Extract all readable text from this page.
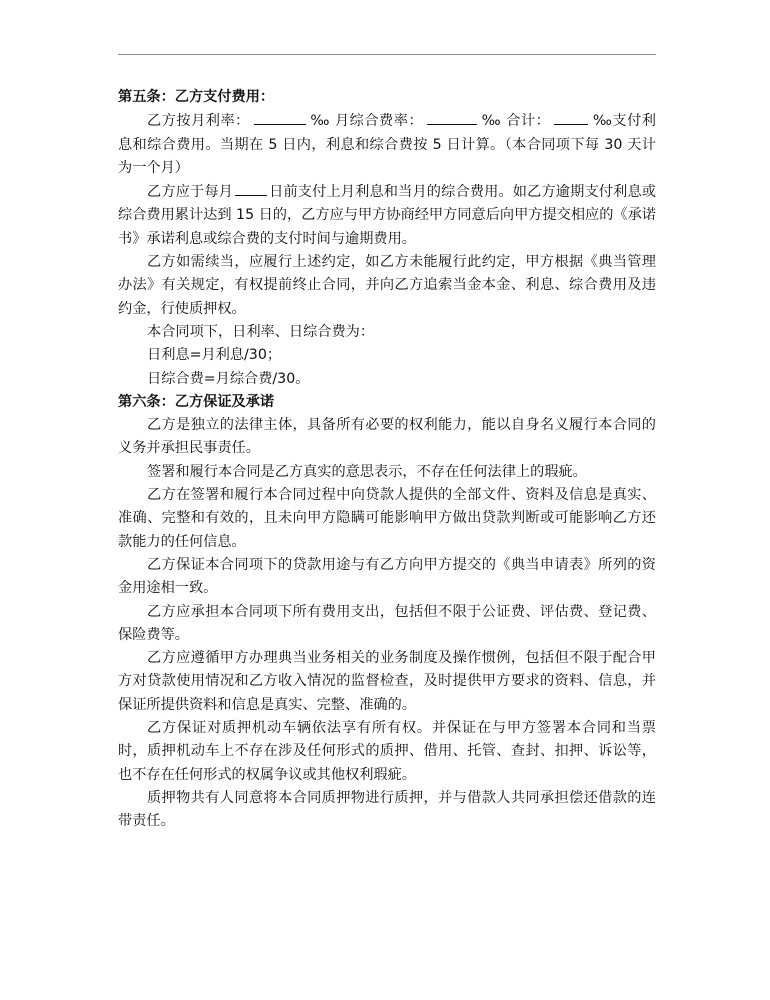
第五条：乙方支付费用：

乙方按月利率：	‰ 月综合费率：	‰ 合计：	‰支付利息和综合费用。当期在 5 日内，利息和综合费按 5 日计算。（本合同项下每 30 天计为一个月）

乙方应于每月	日前支付上月利息和当月的综合费用。如乙方逾期支付利息或综合费用累计达到 15 日的，乙方应与甲方协商经甲方同意后向甲方提交相应的《承诺书》承诺利息或综合费的支付时间与逾期费用。

乙方如需续当，应履行上述约定，如乙方未能履行此约定，甲方根据《典当管理办法》有关规定，有权提前终止合同，并向乙方追索当金本金、利息、综合费用及违约金，行使质押权。

本合同项下，日利率、日综合费为：

日利息=月利息/30；

日综合费=月综合费/30。

第六条：乙方保证及承诺

乙方是独立的法律主体，具备所有必要的权利能力，能以自身名义履行本合同的义务并承担民事责任。

签署和履行本合同是乙方真实的意思表示，不存在任何法律上的瑕疵。

乙方在签署和履行本合同过程中向贷款人提供的全部文件、资料及信息是真实、准确、完整和有效的，且未向甲方隐瞒可能影响甲方做出贷款判断或可能影响乙方还款能力的任何信息。

乙方保证本合同项下的贷款用途与有乙方向甲方提交的《典当申请表》所列的资金用途相一致。

乙方应承担本合同项下所有费用支出，包括但不限于公证费、评估费、登记费、保险费等。

乙方应遵循甲方办理典当业务相关的业务制度及操作惯例，包括但不限于配合甲方对贷款使用情况和乙方收入情况的监督检查，及时提供甲方要求的资料、信息，并保证所提供资料和信息是真实、完整、准确的。

乙方保证对质押机动车辆依法享有所有权。并保证在与甲方签署本合同和当票时，质押机动车上不存在涉及任何形式的质押、借用、托管、查封、扣押、诉讼等，也不存在任何形式的权属争议或其他权利瑕疵。

质押物共有人同意将本合同质押物进行质押，并与借款人共同承担偿还借款的连带责任。
